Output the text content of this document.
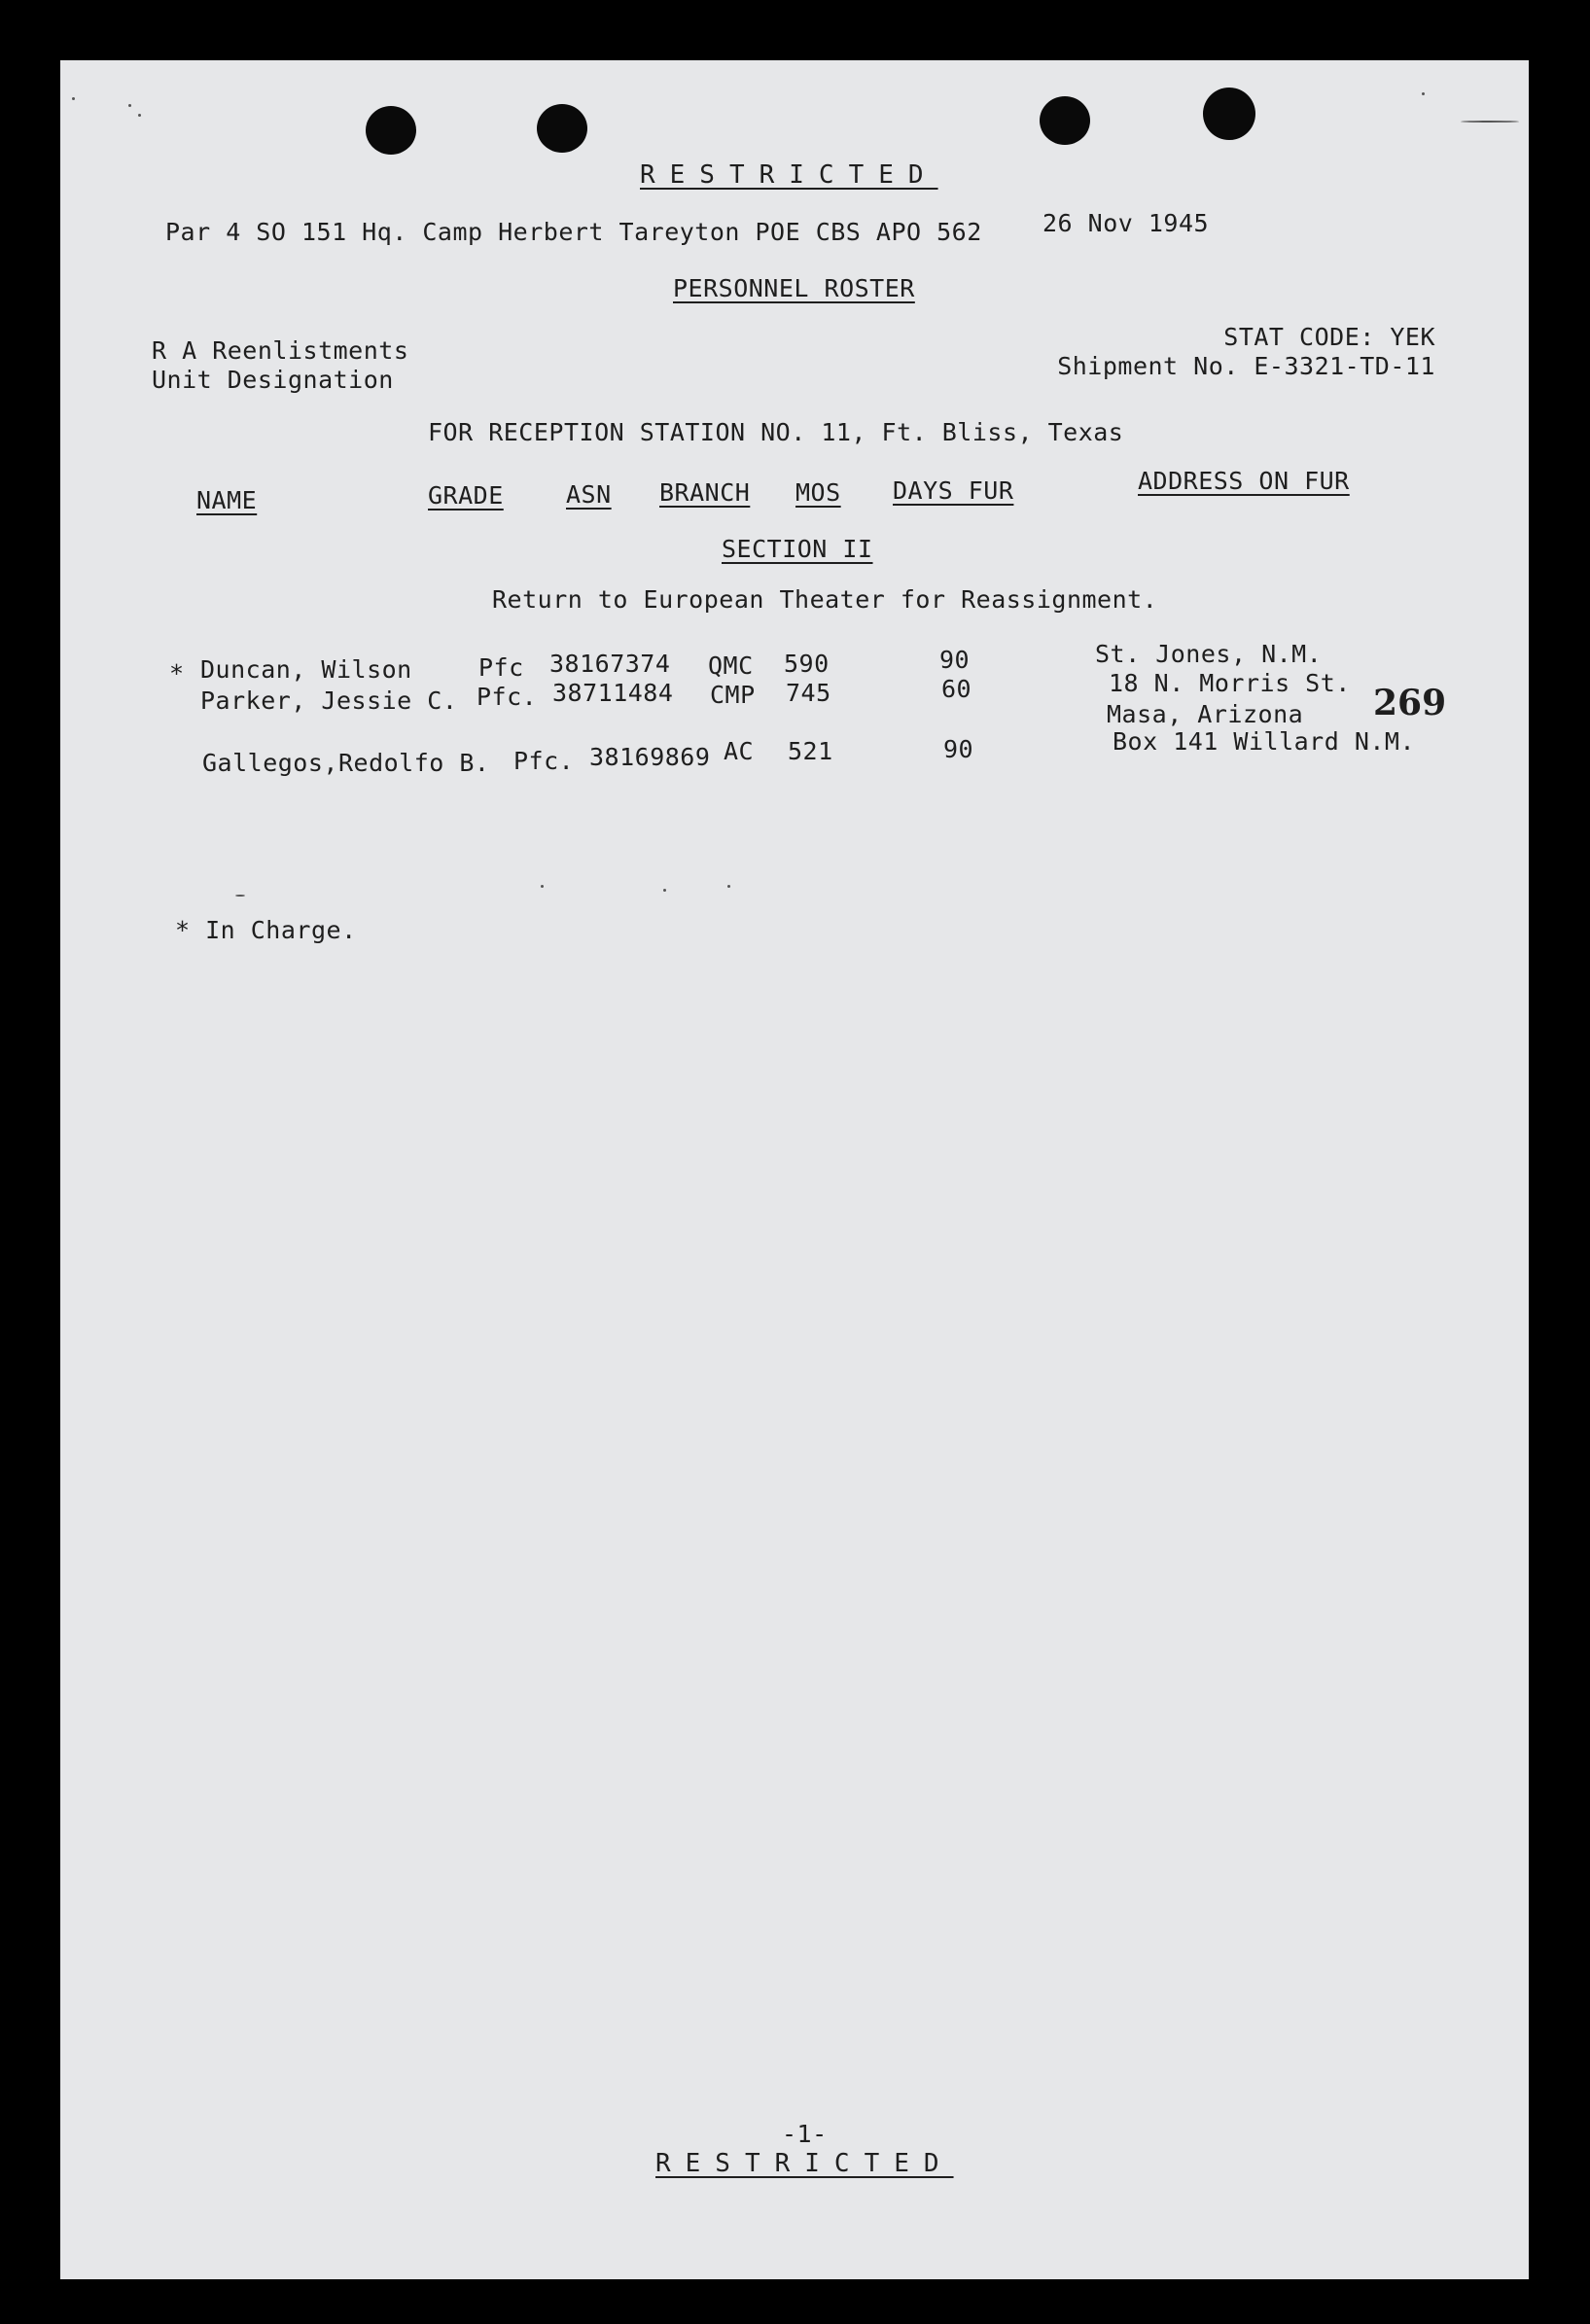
RESTRICTED
Par 4 SO 151 Hq. Camp Herbert Tareyton POE CBS APO 562 26 Nov 1945
PERSONNEL ROSTER
R A Reenlistments
Unit Designation
STAT CODE: YEK
Shipment No. E-3321-TD-11
FOR RECEPTION STATION NO. 11, Ft. Bliss, Texas
NAME	GRADE	ASN BRANCH MOS DAYS FUR	ADDRESS ON FUR
SECTION II
Return to European Theater for Reassignment.
* Duncan, Wilson	Pfc 38167374 QMC 590	90	St. Jones, N.M.
Parker, Jessie C. Pfc. 38711484 CMP 745	60	18 N. Morris St.
Masa, Arizona 269
Gallegos,Redolfo B. Pfc. 38169869 AC 521	90	Box 141 Willard N.M.
* In Charge.
-1-
RESTRICTED
